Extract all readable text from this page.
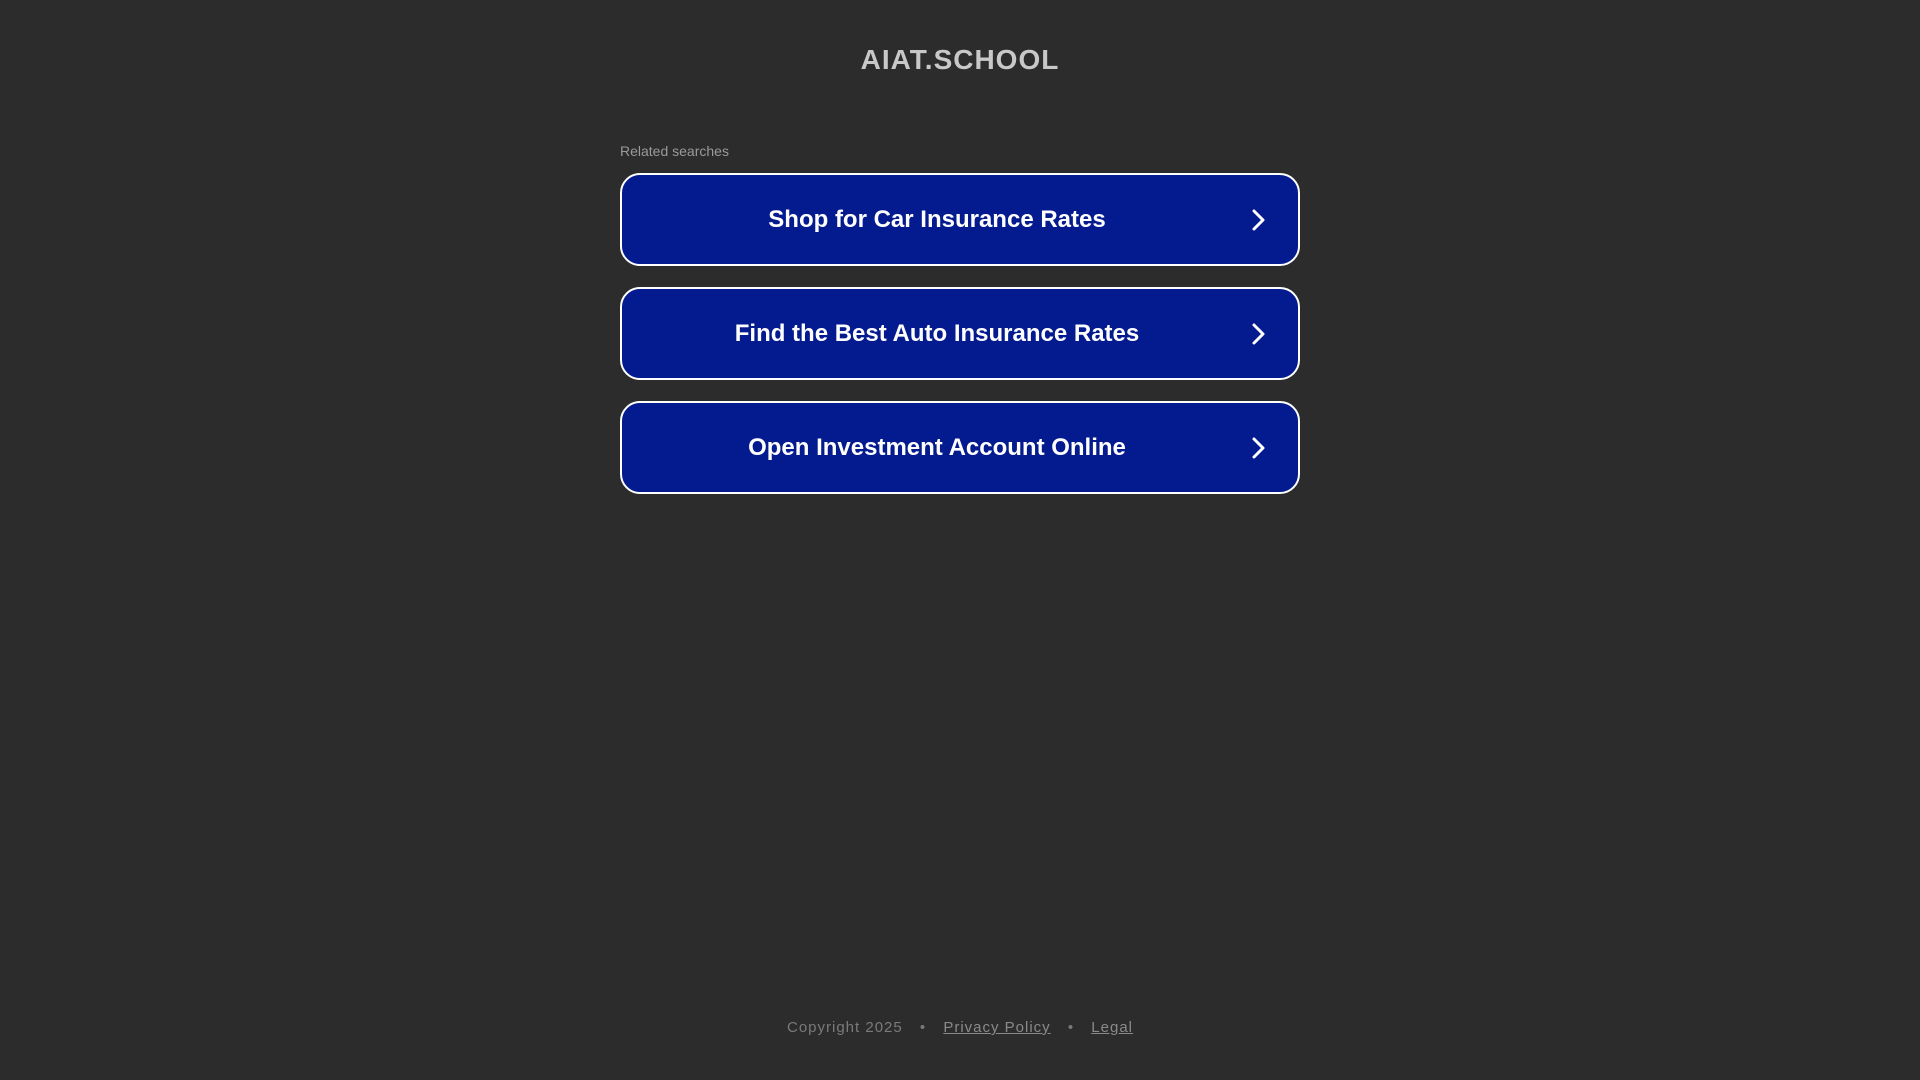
AIAT.SCHOOL
Related searches
Shop for Car Insurance Rates
Find the Best Auto Insurance Rates
Open Investment Account Online
Copyright 2025 • Privacy Policy • Legal
